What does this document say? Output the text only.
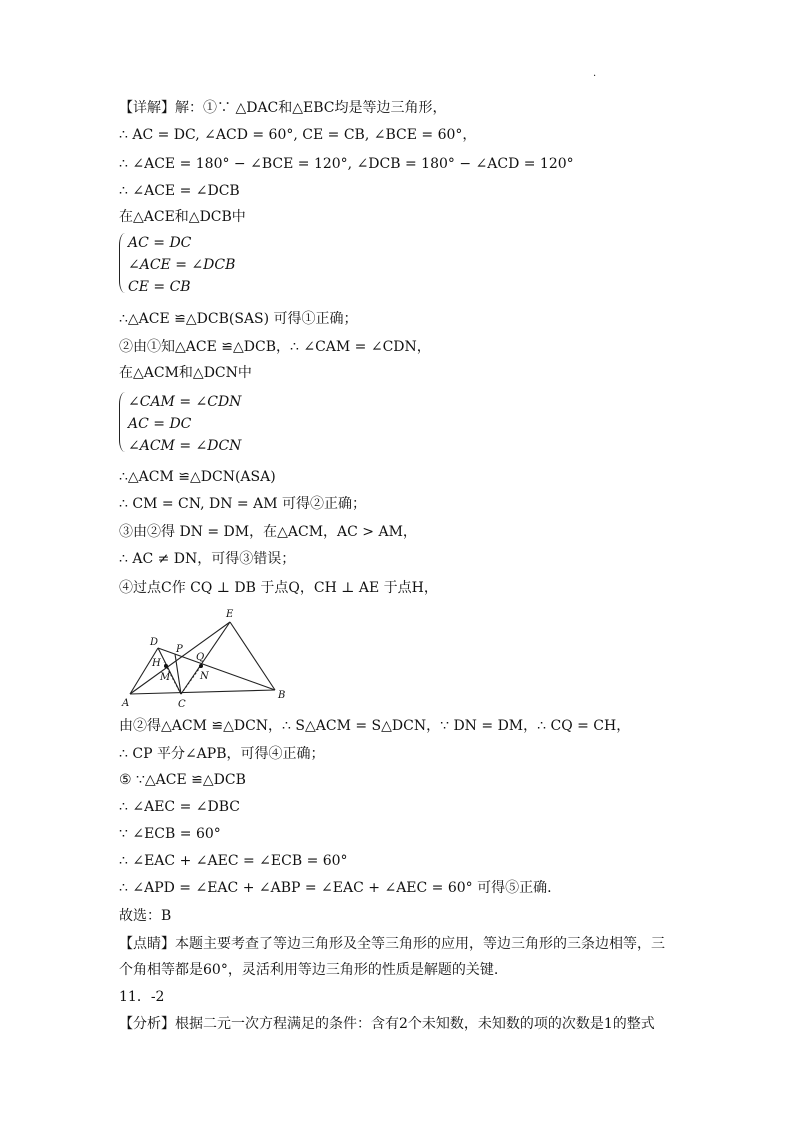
.
【详解】解：①∵ △DAC和△EBC均是等边三角形，
∴ AC = DC, ∠ACD = 60°, CE = CB, ∠BCE = 60°，
∴ ∠ACE = 180° − ∠BCE = 120°, ∠DCB = 180° − ∠ACD = 120°
∴ ∠ACE = ∠DCB
在△ACE和△DCB中
AC = DC
∠ACE = ∠DCB
CE = CB
∴△ACE ≌△DCB(SAS) 可得①正确；
②由①知△ACE ≌△DCB，∴ ∠CAM = ∠CDN，
在△ACM和△DCN中
∠CAM = ∠CDN
AC = DC
∠ACM = ∠DCN
∴△ACM ≌△DCN(ASA)
∴ CM = CN, DN = AM 可得②正确；
③由②得 DN = DM，在△ACM，AC > AM，
∴ AC ≠ DN，可得③错误；
④过点C作 CQ ⊥ DB 于点Q，CH ⊥ AE 于点H，
A
B
C
D
E
P
Q
H
M	N
由②得△ACM ≌△DCN，∴ S△ACM = S△DCN，∵ DN = DM，∴ CQ = CH，
∴ CP 平分∠APB，可得④正确；
⑤ ∵△ACE ≌△DCB
∴ ∠AEC = ∠DBC
∵ ∠ECB = 60°
∴ ∠EAC + ∠AEC = ∠ECB = 60°
∴ ∠APD = ∠EAC + ∠ABP = ∠EAC + ∠AEC = 60° 可得⑤正确.
故选：B
【点睛】本题主要考查了等边三角形及全等三角形的应用，等边三角形的三条边相等，三
个角相等都是60°，灵活利用等边三角形的性质是解题的关键.
11．-2
【分析】根据二元一次方程满足的条件：含有2个未知数，未知数的项的次数是1的整式
